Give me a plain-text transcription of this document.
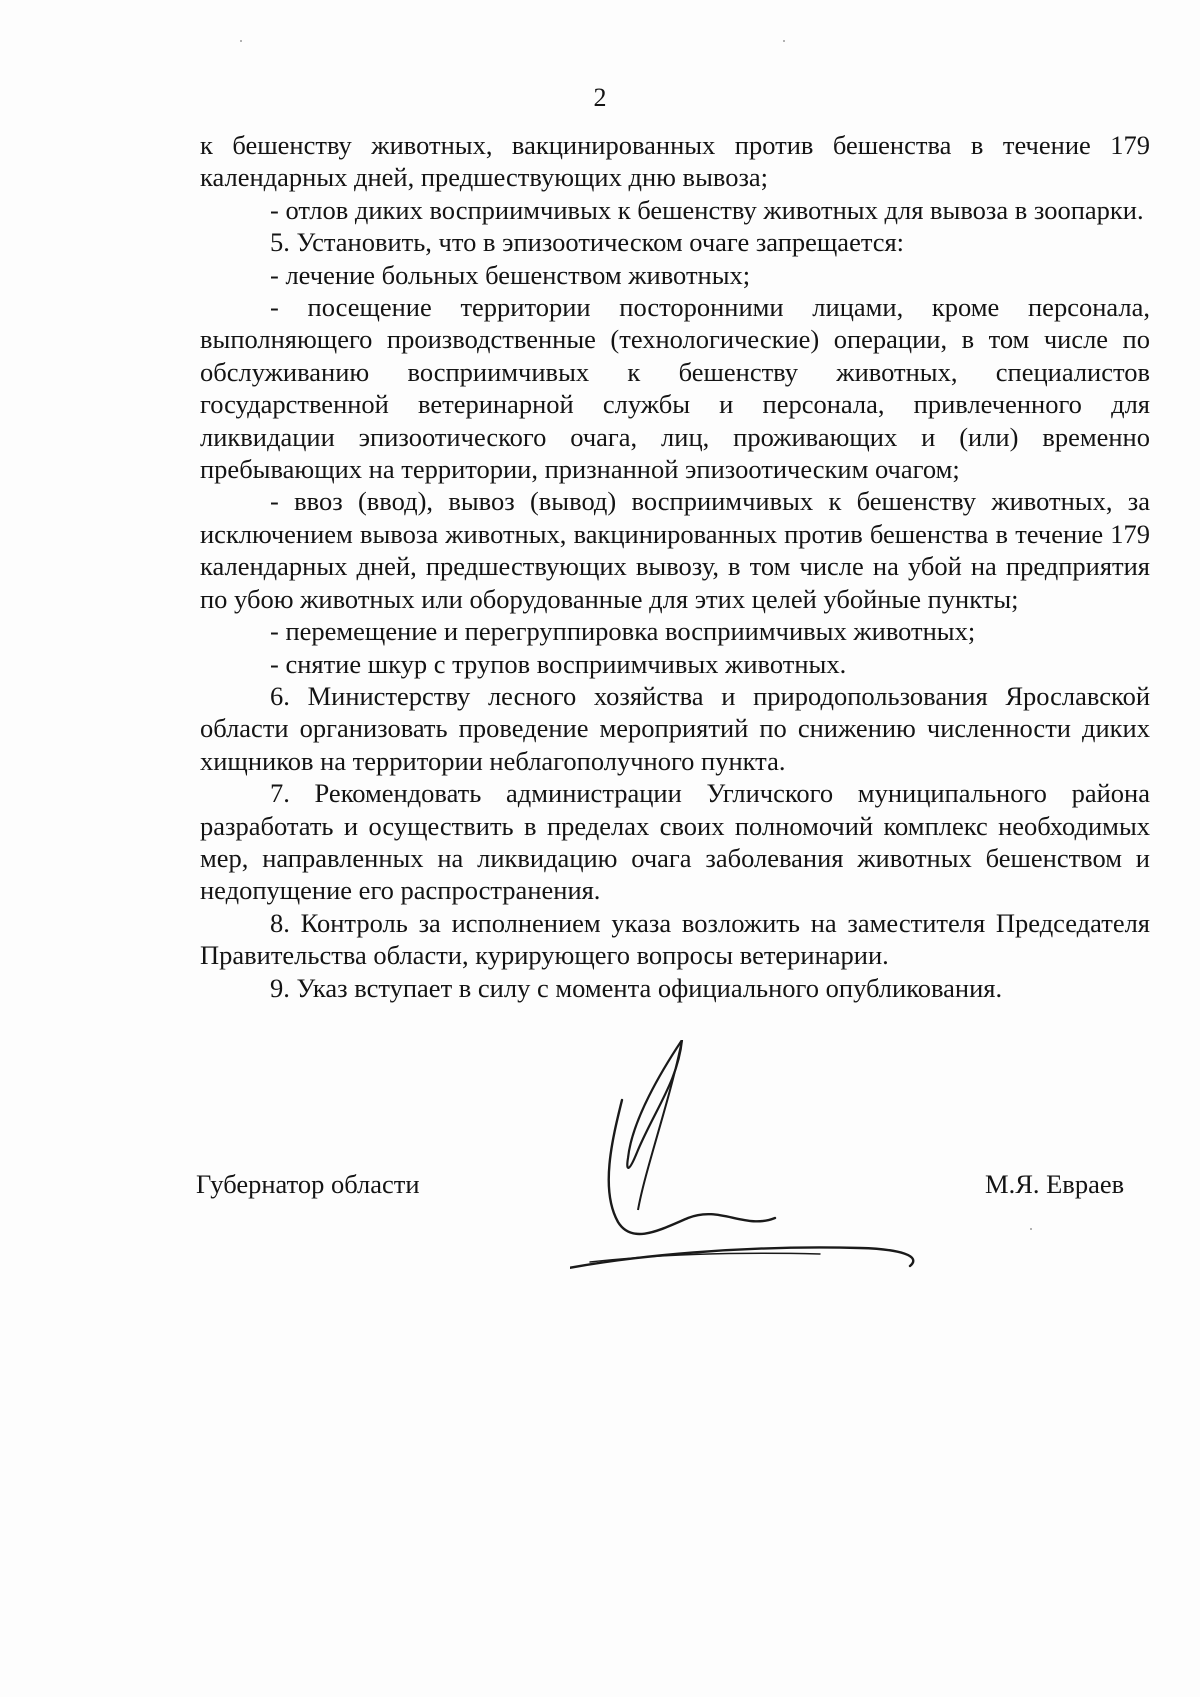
2

к бешенству животных, вакцинированных против бешенства в течение 179 календарных дней, предшествующих дню вывоза;

- отлов диких восприимчивых к бешенству животных для вывоза в зоопарки.

5. Установить, что в эпизоотическом очаге запрещается:

- лечение больных бешенством животных;

- посещение территории посторонними лицами, кроме персонала, выполняющего производственные (технологические) операции, в том числе по обслуживанию восприимчивых к бешенству животных, специалистов государственной ветеринарной службы и персонала, привлеченного для ликвидации эпизоотического очага, лиц, проживающих и (или) временно пребывающих на территории, признанной эпизоотическим очагом;

- ввоз (ввод), вывоз (вывод) восприимчивых к бешенству животных, за исключением вывоза животных, вакцинированных против бешенства в течение 179 календарных дней, предшествующих вывозу, в том числе на убой на предприятия по убою животных или оборудованные для этих целей убойные пункты;

- перемещение и перегруппировка восприимчивых животных;

- снятие шкур с трупов восприимчивых животных.

6. Министерству лесного хозяйства и природопользования Ярославской области организовать проведение мероприятий по снижению численности диких хищников на территории неблагополучного пункта.

7. Рекомендовать администрации Угличского муниципального района разработать и осуществить в пределах своих полномочий комплекс необходимых мер, направленных на ликвидацию очага заболевания животных бешенством и недопущение его распространения.

8. Контроль за исполнением указа возложить на заместителя Председателя Правительства области, курирующего вопросы ветеринарии.

9. Указ вступает в силу с момента официального опубликования.

Губернатор области	М.Я. Евраев
